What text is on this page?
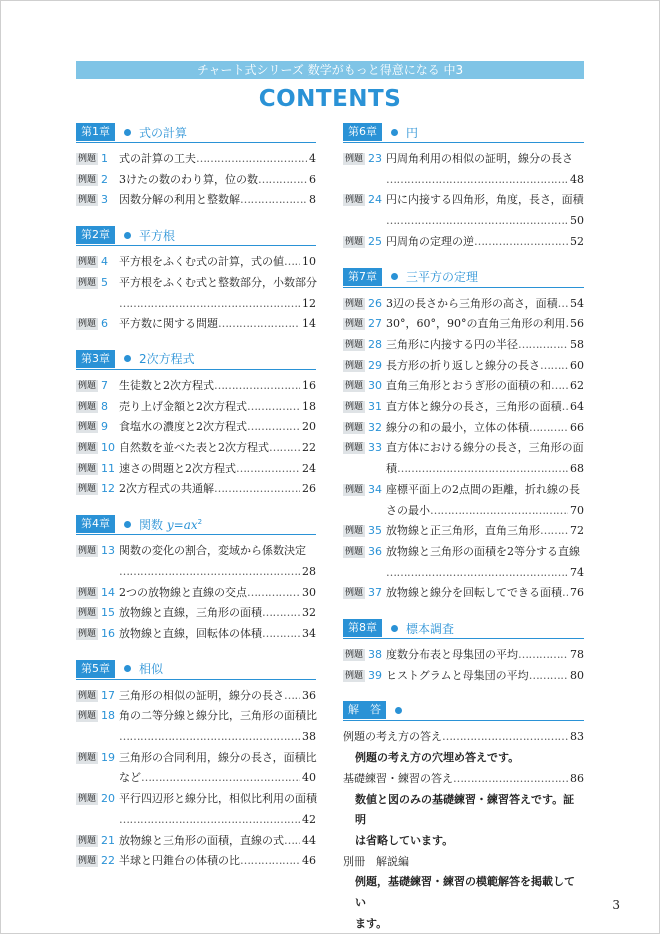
チャート式シリーズ 数学がもっと得意になる 中3
CONTENTS
第1章	式の計算
例題 1	式の計算の工夫 …………………………………………………………………………………………	4
例題 2	3けたの数のわり算，位の数 …………………………………………………………………………………………	6
例題 3	因数分解の利用と整数解 …………………………………………………………………………………………	8
第2章	平方根
例題 4	平方根をふくむ式の計算，式の値 ………………………………………………………………………………………… 10
例題 5	平方根をふくむ式と整数部分，小数部分
…………………………………………………………………………………………
12
例題 6	平方数に関する問題 …………………………………………………………………………………………	14
第3章	2次方程式
例題 7	生徒数と2次方程式 …………………………………………………………………………………………	16
例題 8	売り上げ金額と2次方程式 …………………………………………………………………………………………	18
例題 9	食塩水の濃度と2次方程式 …………………………………………………………………………………………	20
例題 10 自然数を並べた表と2次方程式 …………………………………………………………………………………………	22
例題 11 速さの問題と2次方程式 …………………………………………………………………………………………	24
例題 12 2次方程式の共通解 …………………………………………………………………………………………	26
第4章	関数 $y=ax^2$
例題 13 関数の変化の割合，変域から係数決定
…………………………………………………………………………………………
28
例題 14 2つの放物線と直線の交点 …………………………………………………………………………………………	30
例題 15 放物線と直線，三角形の面積 …………………………………………………………………………………………	32
例題 16 放物線と直線，回転体の体積 …………………………………………………………………………………………	34
第5章	相似
例題 17 三角形の相似の証明，線分の長さ ………………………………………………………………………………………… 36
例題 18 角の二等分線と線分比，三角形の面積比
…………………………………………………………………………………………
38
例題 19 三角形の合同利用，線分の長さ，面積比
など …………………………………………………………………………………………	40
例題 20 平行四辺形と線分比，相似比利用の面積
…………………………………………………………………………………………
42
例題 21 放物線と三角形の面積，直線の式 ………………………………………………………………………………………… 44
例題 22 半球と円錐台の体積の比 …………………………………………………………………………………………	46
第6章	円
例題 23 円周角利用の相似の証明，線分の長さ
…………………………………………………………………………………………
48
例題 24 円に内接する四角形，角度，長さ，面積
…………………………………………………………………………………………
50
例題 25 円周角の定理の逆 …………………………………………………………………………………………	52
第7章	三平方の定理
例題 26 3辺の長さから三角形の高さ，面積 ………………………………………………………………………………………… 54
例題 27 30°，60°，90°の直角三角形の利用 ………………………………………………………………………………………… 56
例題 28 三角形に内接する円の半径 …………………………………………………………………………………………	58
例題 29 長方形の折り返しと線分の長さ …………………………………………………………………………………………	60
例題 30 直角三角形とおうぎ形の面積の和 ………………………………………………………………………………………… 62
例題 31 直方体と線分の長さ，三角形の面積 ………………………………………………………………………………………… 64
例題 32 線分の和の最小，立体の体積 …………………………………………………………………………………………	66
例題 33 直方体における線分の長さ，三角形の面
積 …………………………………………………………………………………………	68
例題 34 座標平面上の2点間の距離，折れ線の長
さの最小 …………………………………………………………………………………………	70
例題 35 放物線と正三角形，直角三角形 …………………………………………………………………………………………	72
例題 36 放物線と三角形の面積を2等分する直線
…………………………………………………………………………………………
74
例題 37 放物線と線分を回転してできる面積 ………………………………………………………………………………………… 76
第8章	標本調査
例題 38 度数分布表と母集団の平均 …………………………………………………………………………………………	78
例題 39 ヒストグラムと母集団の平均 …………………………………………………………………………………………	80
解　答
例題の考え方の答え …………………………………………………………………………………………	83
例題の考え方の穴埋め答えです。
基礎練習・練習の答え …………………………………………………………………………………………	86
数値と図のみの基礎練習・練習答えです。証明
は省略しています。
別冊　解説編
例題，基礎練習・練習の模範解答を掲載してい
ます。
3
